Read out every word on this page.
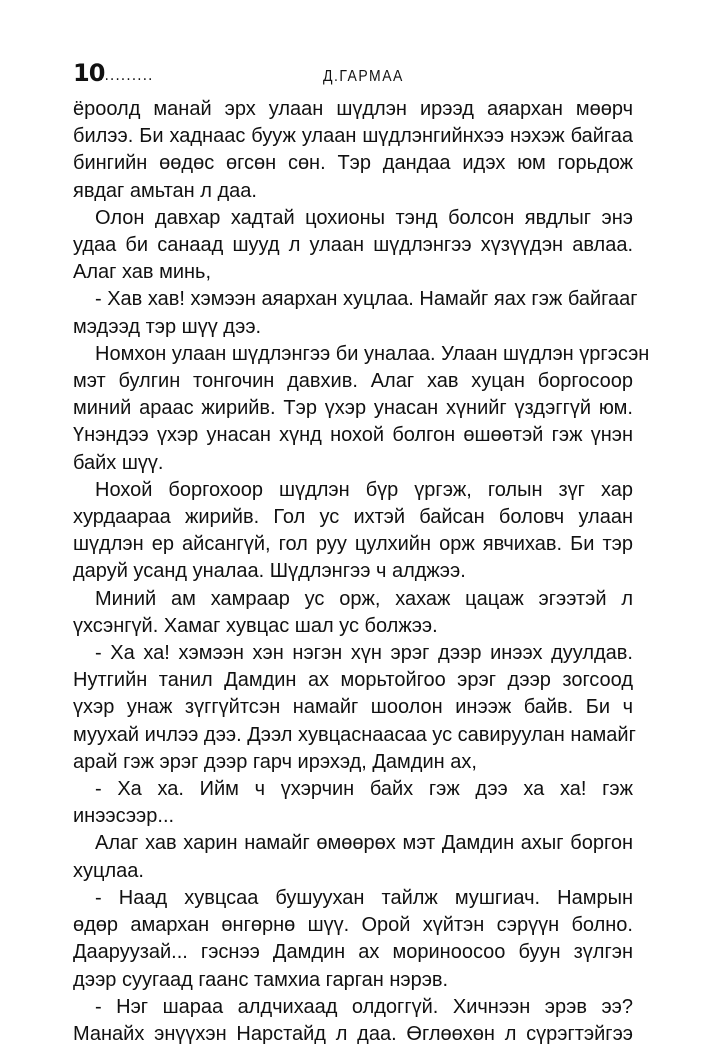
10
..........	Д.ГАРМАА
ёроолд манай эрх улаан шүдлэн ирээд аяархан мөөрч
билээ. Би хаднаас бууж улаан шүдлэнгийнхээ нэхэж байгаа
бингийн өөдөс өгсөн сөн. Тэр дандаа идэх юм горьдож
явдаг амьтан л даа.
Олон давхар хадтай цохионы тэнд болсон явдлыг энэ
удаа би санаад шууд л улаан шүдлэнгээ хүзүүдэн авлаа.
Алаг хав минь,
- Хав хав! хэмээн аяархан хуцлаа. Намайг яах гэж байгааг
мэдээд тэр шүү дээ.
Номхон улаан шүдлэнгээ би уналаа. Улаан шүдлэн үргэсэн
мэт булгин тонгочин давхив. Алаг хав хуцан боргосоор
миний араас жирийв. Тэр үхэр унасан хүнийг үздэггүй юм.
Үнэндээ үхэр унасан хүнд нохой болгон өшөөтэй гэж үнэн
байх шүү.
Нохой боргохоор шүдлэн бүр үргэж, голын зүг хар
хурдаараа жирийв. Гол ус ихтэй байсан боловч улаан
шүдлэн ер айсангүй, гол руу цулхийн орж явчихав. Би тэр
даруй усанд уналаа. Шүдлэнгээ ч алджээ.
Миний ам хамраар ус орж, хахаж цацаж эгээтэй л
үхсэнгүй. Хамаг хувцас шал ус болжээ.
- Ха ха! хэмээн хэн нэгэн хүн эрэг дээр инээх дуулдав.
Нутгийн танил Дамдин ах морьтойгоо эрэг дээр зогсоод
үхэр унаж зүггүйтсэн намайг шоолон инээж байв. Би ч
муухай ичлээ дээ. Дээл хувцаснаасаа ус савируулан намайг
арай гэж эрэг дээр гарч ирэхэд, Дамдин ах,
- Ха ха. Ийм ч үхэрчин байх гэж дээ ха ха! гэж
инээсээр...
Алаг хав харин намайг өмөөрөх мэт Дамдин ахыг боргон
хуцлаа.
- Наад хувцсаа бушуухан тайлж мушгиач. Намрын
өдөр амархан өнгөрнө шүү. Орой хүйтэн сэрүүн болно.
Дааруузай... гэснээ Дамдин ах мориноосоо буун зүлгэн
дээр суугаад гаанс тамхиа гарган нэрэв.
- Нэг шараа алдчихаад олдоггүй. Хичнээн эрэв ээ?
Манайх энүүхэн Нарстайд л даа. Өглөөхөн л сүрэгтэйгээ
